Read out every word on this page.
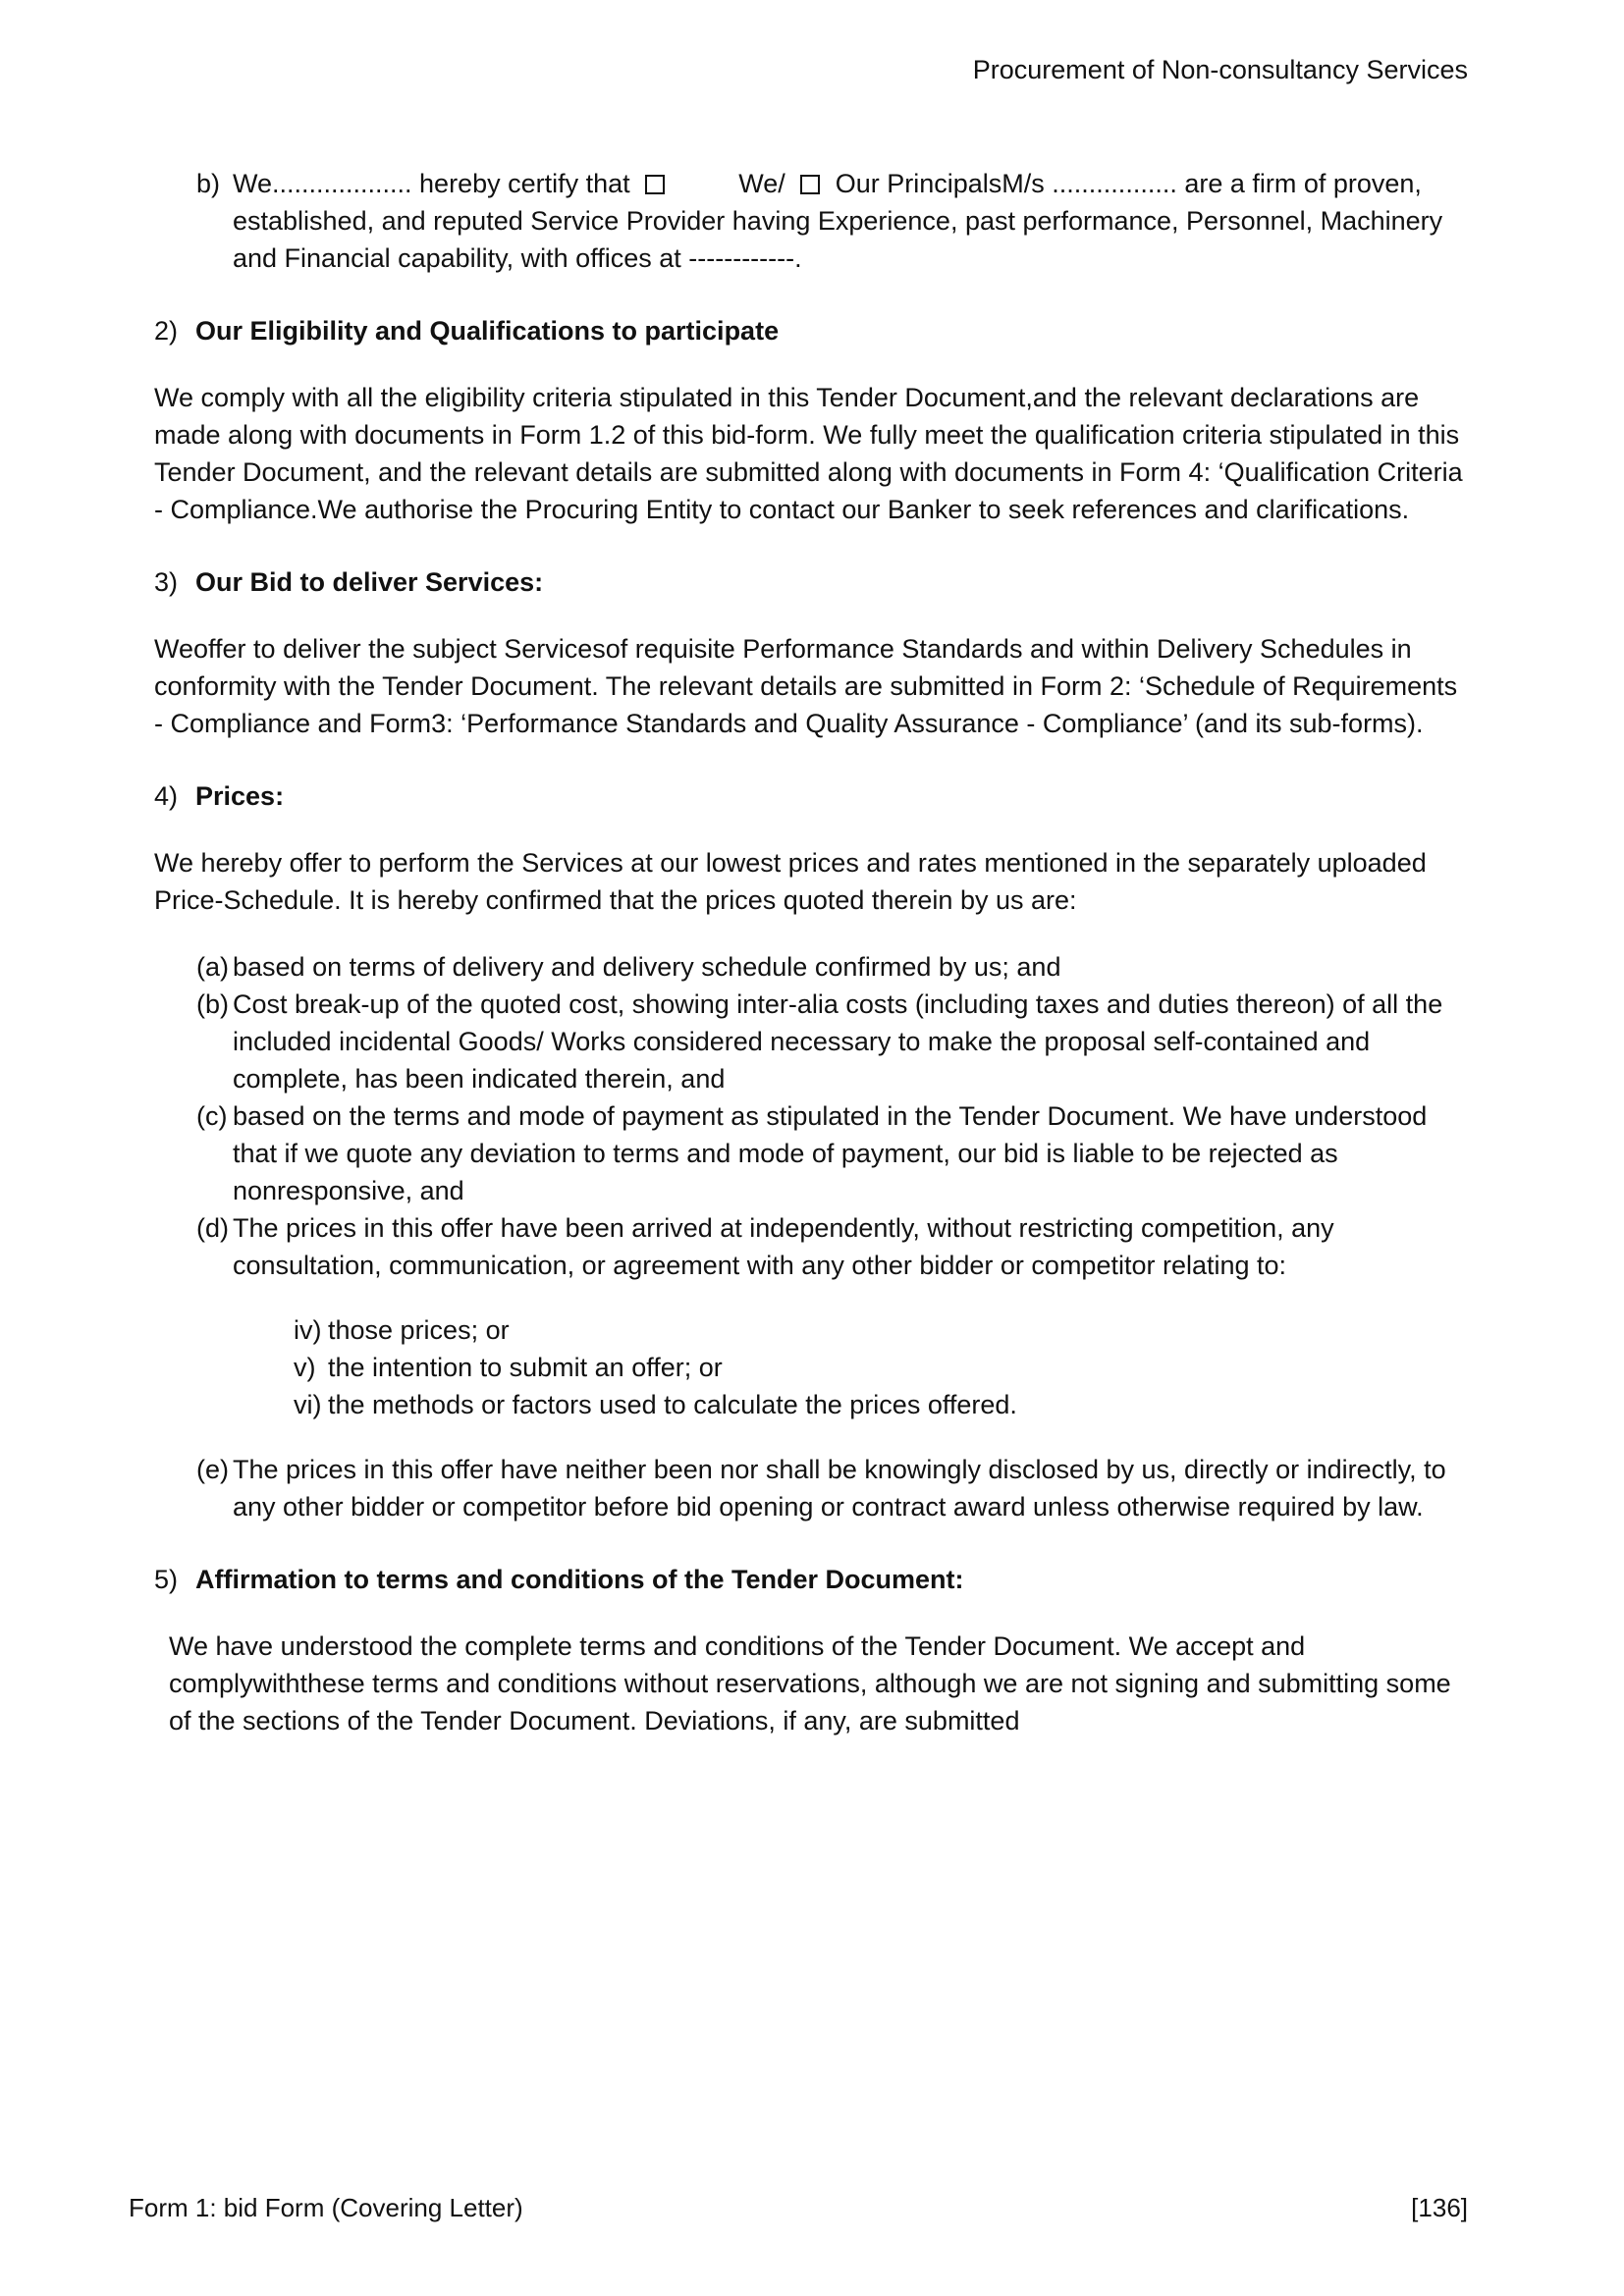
Procurement of Non-consultancy Services
b) We................... hereby certify that	We/ Our PrincipalsM/s ................. are a firm of proven, established, and reputed Service Provider having Experience, past performance, Personnel, Machinery and Financial capability, with offices at ------------.
2) Our Eligibility and Qualifications to participate

We comply with all the eligibility criteria stipulated in this Tender Document,and the relevant declarations are made along with documents in Form 1.2 of this bid-form. We fully meet the qualification criteria stipulated in this Tender Document, and the relevant details are submitted along with documents in Form 4: ‘Qualification Criteria - Compliance.We authorise the Procuring Entity to contact our Banker to seek references and clarifications.

3) Our Bid to deliver Services:

Weoffer to deliver the subject Servicesof requisite Performance Standards and within Delivery Schedules in conformity with the Tender Document. The relevant details are submitted in Form 2: ‘Schedule of Requirements - Compliance and Form3: ‘Performance Standards and Quality Assurance - Compliance’ (and its sub-forms).

4) Prices:

We hereby offer to perform the Services at our lowest prices and rates mentioned in the separately uploaded Price-Schedule. It is hereby confirmed that the prices quoted therein by us are:

(a) based on terms of delivery and delivery schedule confirmed by us; and
(b) Cost break-up of the quoted cost, showing inter-alia costs (including taxes and duties thereon) of all the included incidental Goods/ Works considered necessary to make the proposal self-contained and complete, has been indicated therein, and
(c) based on the terms and mode of payment as stipulated in the Tender Document. We have understood that if we quote any deviation to terms and mode of payment, our bid is liable to be rejected as nonresponsive, and
(d) The prices in this offer have been arrived at independently, without restricting competition, any consultation, communication, or agreement with any other bidder or competitor relating to:
iv) those prices; or
v) the intention to submit an offer; or
vi) the methods or factors used to calculate the prices offered.
(e) The prices in this offer have neither been nor shall be knowingly disclosed by us, directly or indirectly, to any other bidder or competitor before bid opening or contract award unless otherwise required by law.
5) Affirmation to terms and conditions of the Tender Document:

We have understood the complete terms and conditions of the Tender Document. We accept and complywiththese terms and conditions without reservations, although we are not signing and submitting some of the sections of the Tender Document. Deviations, if any, are submitted

Form 1: bid Form (Covering Letter)	[136]
